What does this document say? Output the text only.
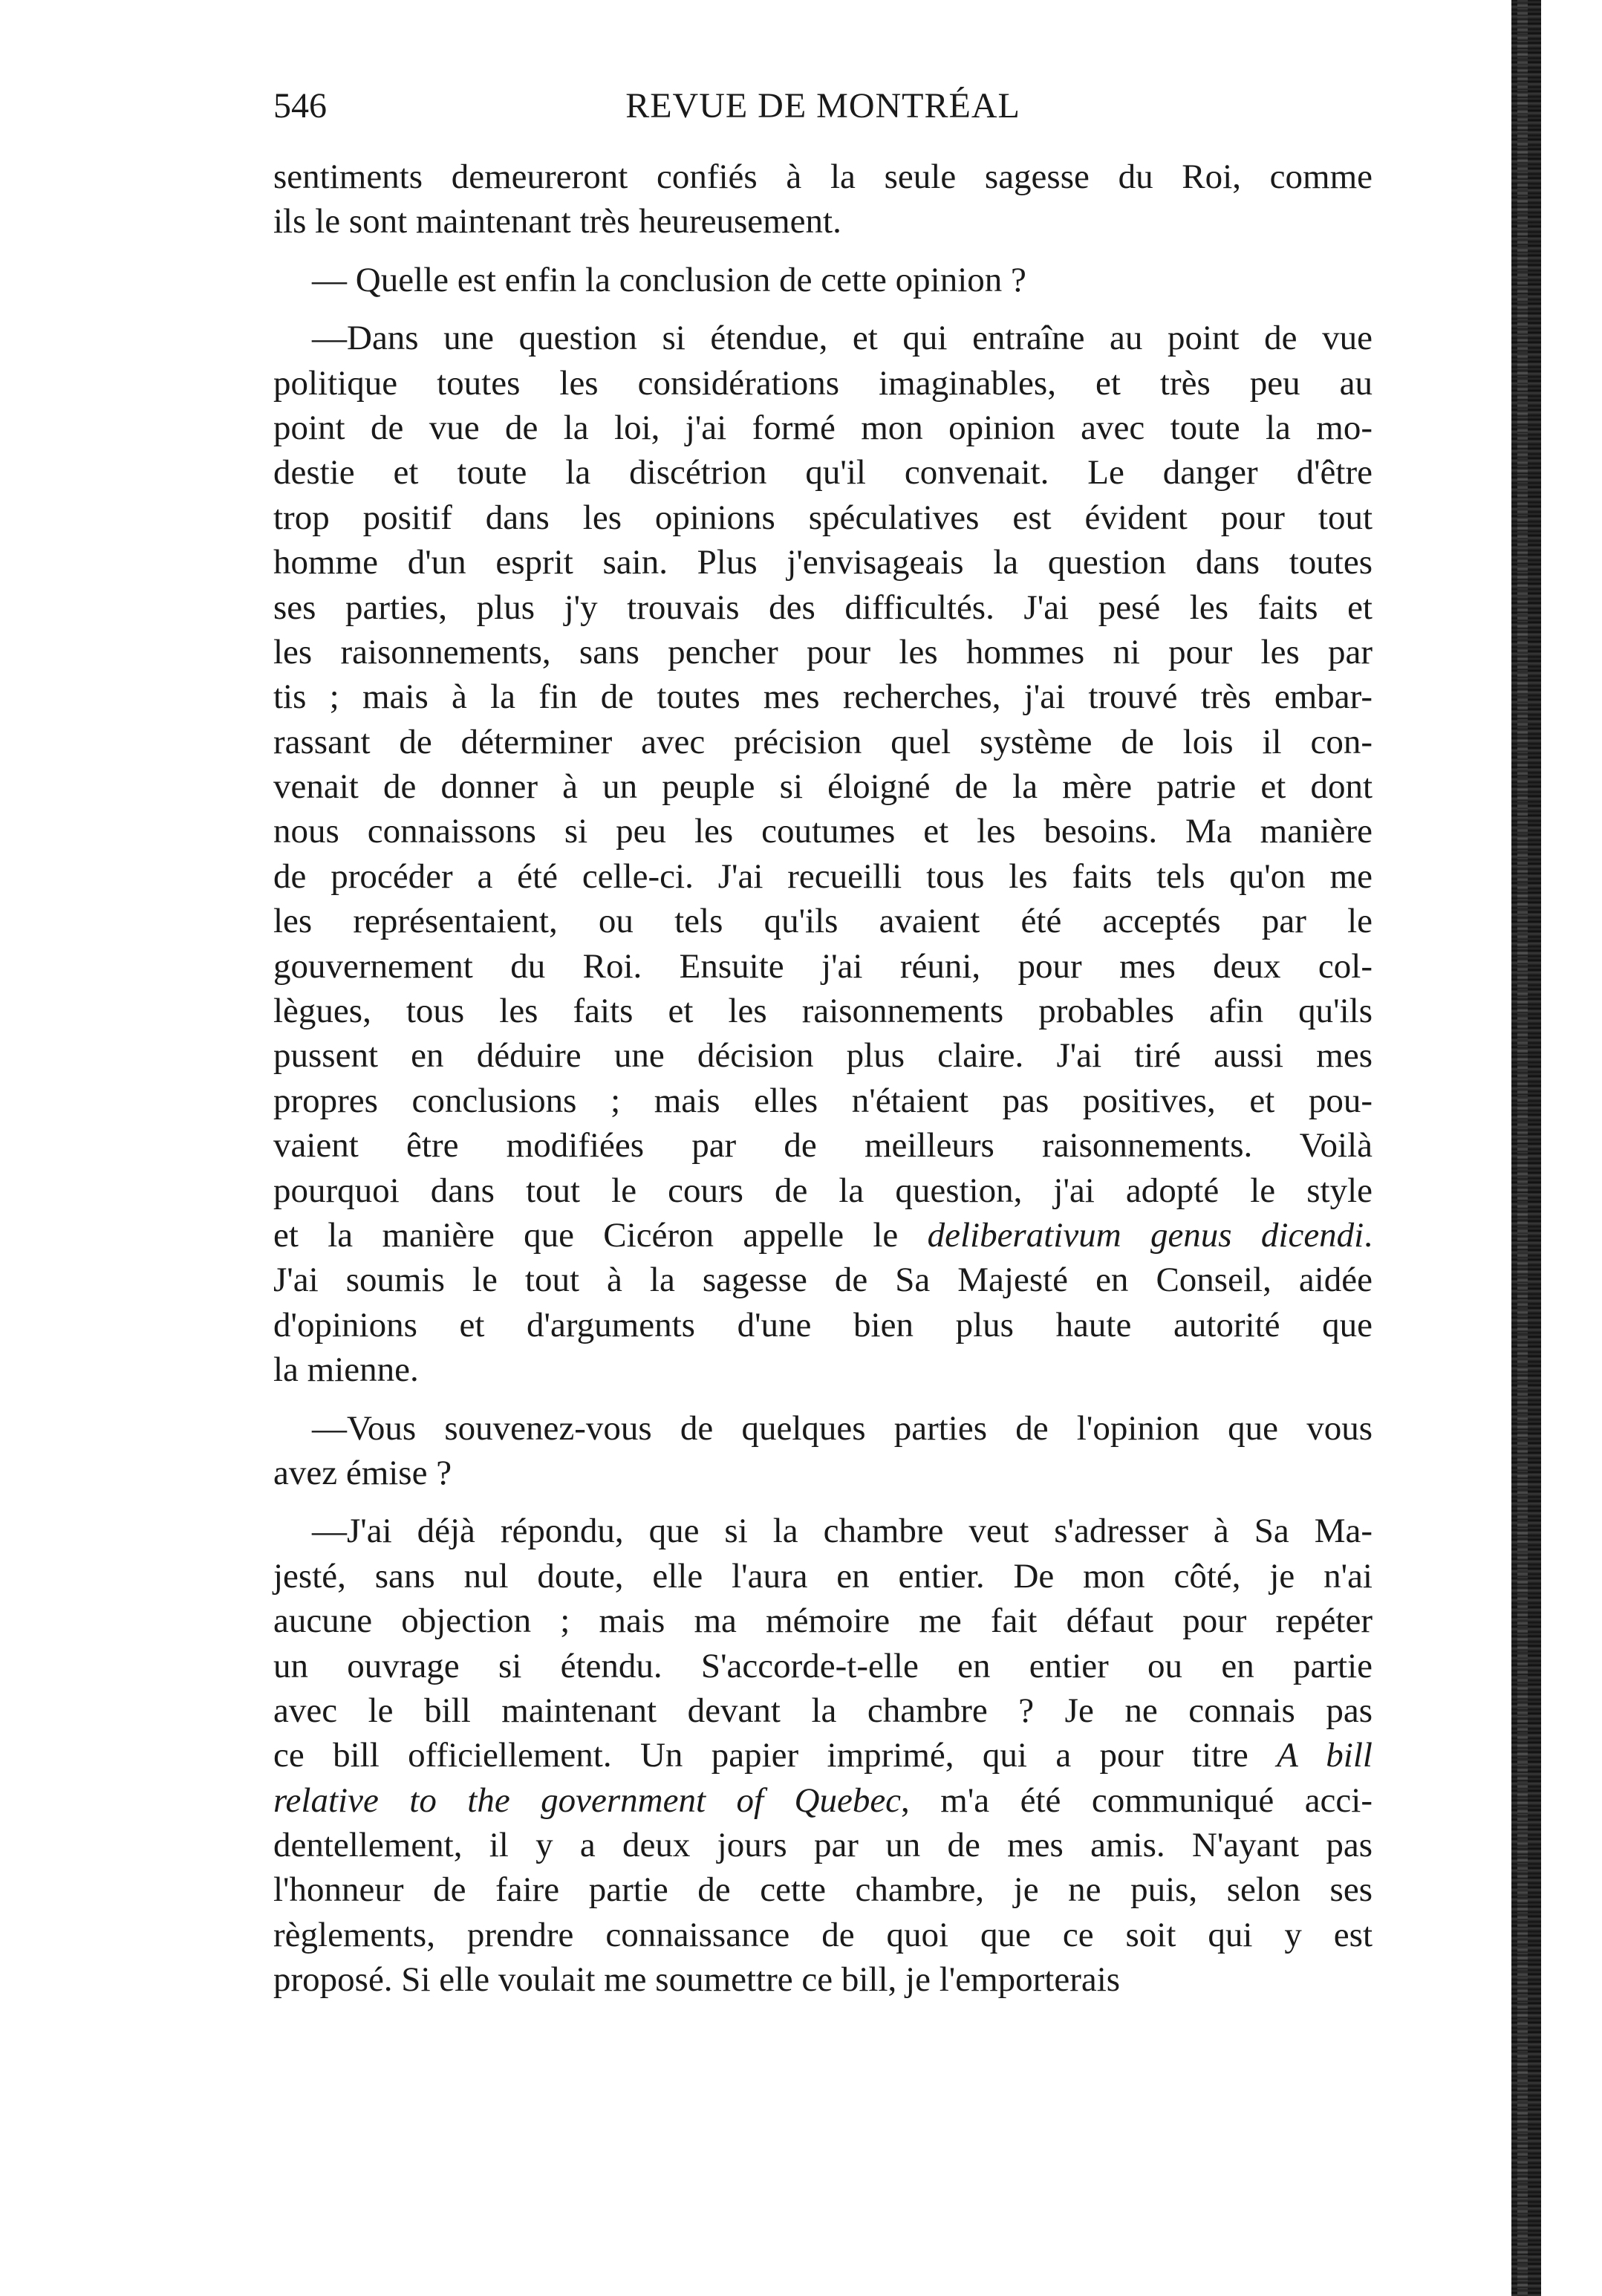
546	REVUE DE MONTRÉAL
sentiments demeureront confiés à la seule sagesse du Roi, comme
ils le sont maintenant très heureusement.
— Quelle est enfin la conclusion de cette opinion ?
—Dans une question si étendue, et qui entraîne au point de vue
politique toutes les considérations imaginables, et très peu au
point de vue de la loi, j'ai formé mon opinion avec toute la mo-
destie et toute la discétrion qu'il convenait. Le danger d'être
trop positif dans les opinions spéculatives est évident pour tout
homme d'un esprit sain. Plus j'envisageais la question dans toutes
ses parties, plus j'y trouvais des difficultés. J'ai pesé les faits et
les raisonnements, sans pencher pour les hommes ni pour les par
tis ; mais à la fin de toutes mes recherches, j'ai trouvé très embar-
rassant de déterminer avec précision quel système de lois il con-
venait de donner à un peuple si éloigné de la mère patrie et dont
nous connaissons si peu les coutumes et les besoins. Ma manière
de procéder a été celle-ci. J'ai recueilli tous les faits tels qu'on me
les représentaient, ou tels qu'ils avaient été acceptés par le
gouvernement du Roi. Ensuite j'ai réuni, pour mes deux col-
lègues, tous les faits et les raisonnements probables afin qu'ils
pussent en déduire une décision plus claire. J'ai tiré aussi mes
propres conclusions ; mais elles n'étaient pas positives, et pou-
vaient être modifiées par de meilleurs raisonnements. Voilà
pourquoi dans tout le cours de la question, j'ai adopté le style
et la manière que Cicéron appelle le deliberativum genus dicendi.
J'ai soumis le tout à la sagesse de Sa Majesté en Conseil, aidée
d'opinions et d'arguments d'une bien plus haute autorité que
la mienne.
—Vous souvenez-vous de quelques parties de l'opinion que vous
avez émise ?
—J'ai déjà répondu, que si la chambre veut s'adresser à Sa Ma-
jesté, sans nul doute, elle l'aura en entier. De mon côté, je n'ai
aucune objection ; mais ma mémoire me fait défaut pour repéter
un ouvrage si étendu. S'accorde-t-elle en entier ou en partie
avec le bill maintenant devant la chambre ? Je ne connais pas
ce bill officiellement. Un papier imprimé, qui a pour titre A bill
relative to the government of Quebec, m'a été communiqué acci-
dentellement, il y a deux jours par un de mes amis. N'ayant pas
l'honneur de faire partie de cette chambre, je ne puis, selon ses
règlements, prendre connaissance de quoi que ce soit qui y est
proposé. Si elle voulait me soumettre ce bill, je l'emporterais
